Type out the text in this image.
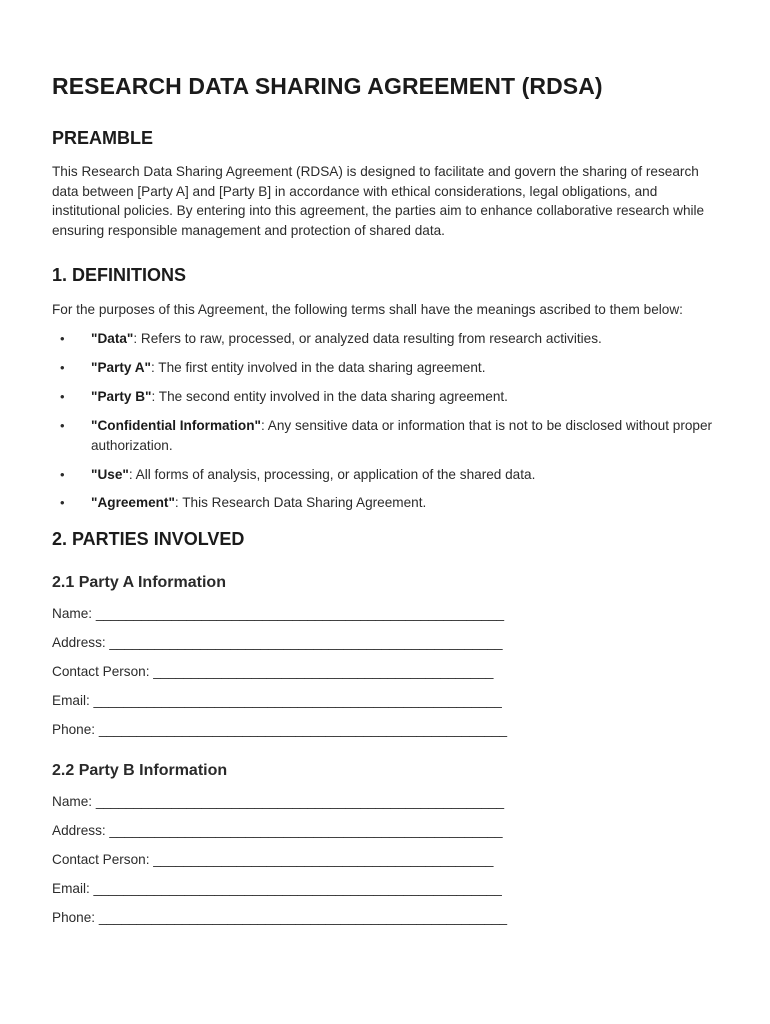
RESEARCH DATA SHARING AGREEMENT (RDSA)
PREAMBLE

This Research Data Sharing Agreement (RDSA) is designed to facilitate and govern the sharing of research data between [Party A] and [Party B] in accordance with ethical considerations, legal obligations, and institutional policies. By entering into this agreement, the parties aim to enhance collaborative research while ensuring responsible management and protection of shared data.

1. DEFINITIONS

For the purposes of this Agreement, the following terms shall have the meanings ascribed to them below:

• "Data": Refers to raw, processed, or analyzed data resulting from research activities.
• "Party A": The first entity involved in the data sharing agreement.
• "Party B": The second entity involved in the data sharing agreement.
• "Confidential Information": Any sensitive data or information that is not to be disclosed without proper authorization.
• "Use": All forms of analysis, processing, or application of the shared data.
• "Agreement": This Research Data Sharing Agreement.
2. PARTIES INVOLVED
2.1 Party A Information
Name: ______________________________________________________
Address: ____________________________________________________
Contact Person: _____________________________________________
Email: ______________________________________________________
Phone: ______________________________________________________
2.2 Party B Information
Name: ______________________________________________________
Address: ____________________________________________________
Contact Person: _____________________________________________
Email: ______________________________________________________
Phone: ______________________________________________________
